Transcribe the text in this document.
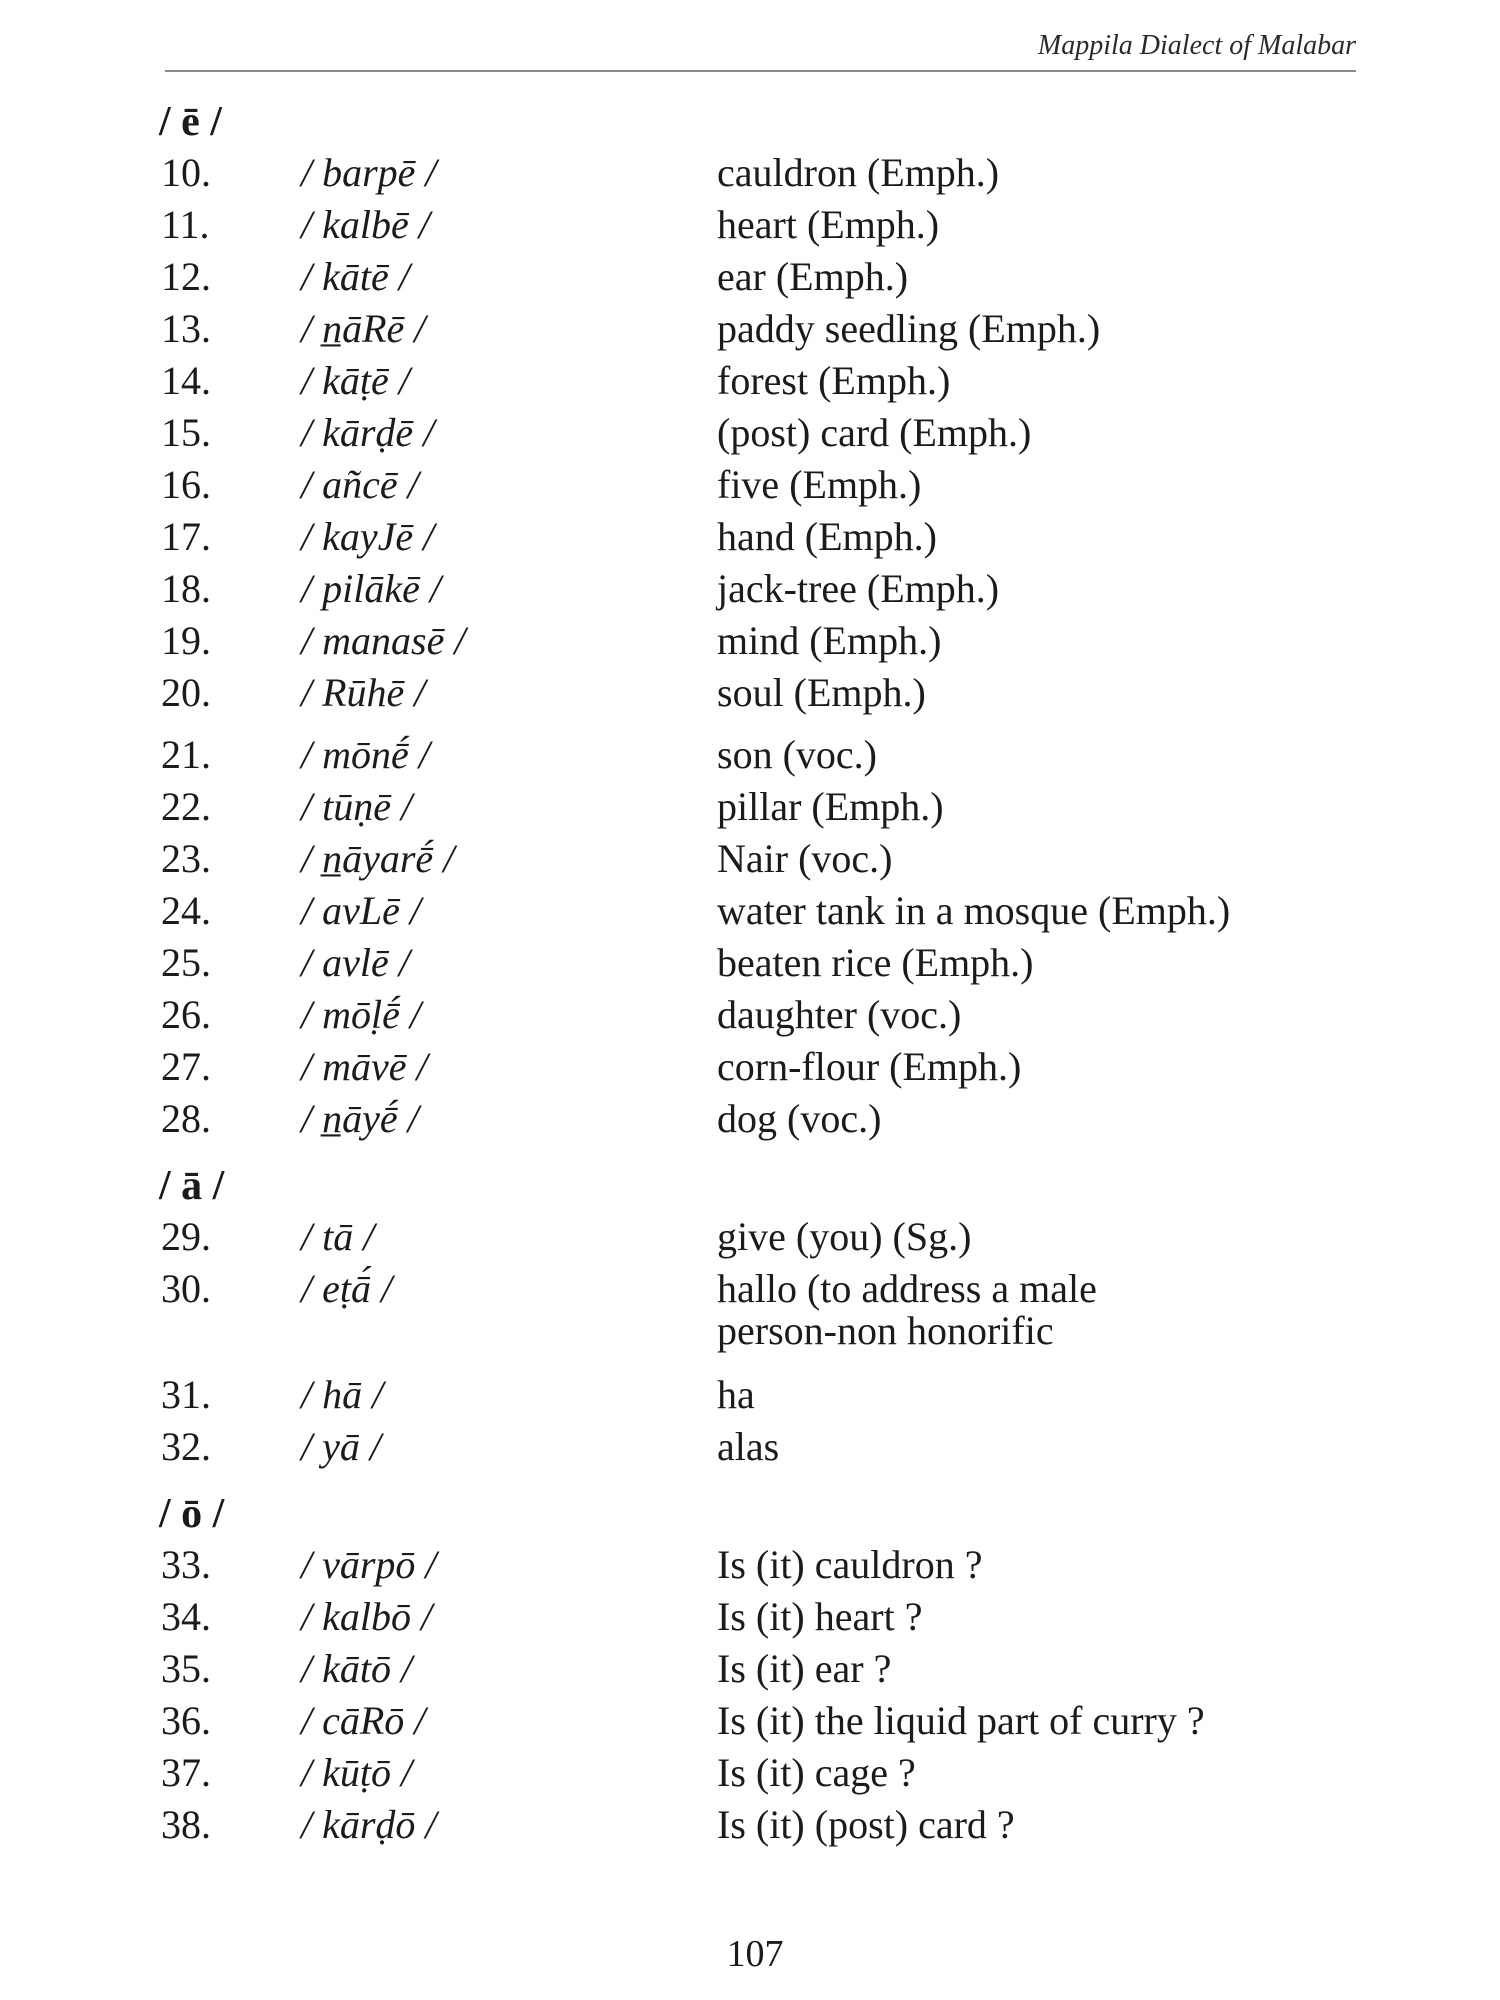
Mappila Dialect of Malabar
/ ē /
10.	/ barpē /	cauldron (Emph.)
11.	/ kalbē /	heart (Emph.)
12.	/ kātē /	ear (Emph.)
13.	/ n̲āRē /	paddy seedling (Emph.)
14.	/ kāṭē /	forest (Emph.)
15.	/ kārḍē /	(post) card (Emph.)
16.	/ añcē /	five (Emph.)
17.	/ kayJē /	hand (Emph.)
18.	/ pilākē /	jack-tree (Emph.)
19.	/ manasē /	mind (Emph.)
20.	/ Rūhē /	soul (Emph.)
21.	/ mōnḗ /	son (voc.)
22.	/ tūṇē /	pillar (Emph.)
23.	/ n̲āyarḗ /	Nair (voc.)
24.	/ avLē /	water tank in a mosque (Emph.)
25.	/ avlē /	beaten rice (Emph.)
26.	/ mōḷḗ /	daughter (voc.)
27.	/ māvē /	corn-flour (Emph.)
28.	/ n̲āyḗ /	dog (voc.)
/ ā /
29.	/ tā /	give (you) (Sg.)
30.	/ eṭā́ /	hallo (to address a male
person-non honorific
31.	/ hā /	ha
32.	/ yā /	alas
/ ō /
33.	/ vārpō /	Is (it) cauldron ?
34.	/ kalbō /	Is (it) heart ?
35.	/ kātō /	Is (it) ear ?
36.	/ cāRō /	Is (it) the liquid part of curry ?
37.	/ kūṭō /	Is (it) cage ?
38.	/ kārḍō /	Is (it) (post) card ?
107
